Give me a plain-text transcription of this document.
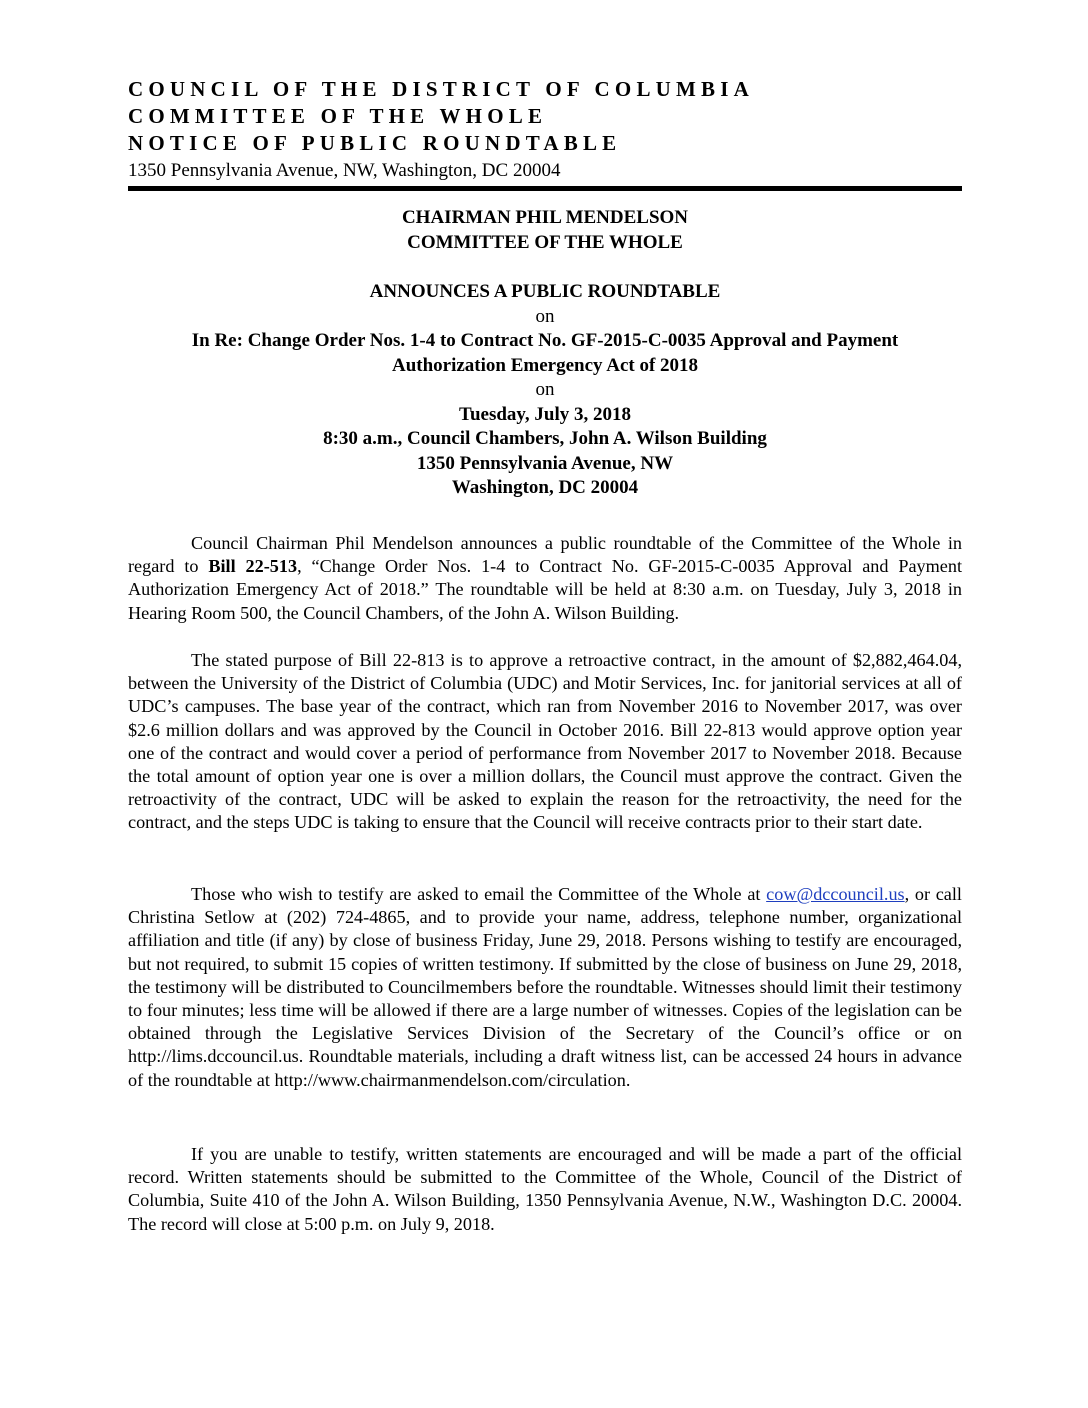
COUNCIL OF THE DISTRICT OF COLUMBIA
COMMITTEE OF THE WHOLE
NOTICE OF PUBLIC ROUNDTABLE
1350 Pennsylvania Avenue, NW, Washington, DC 20004
CHAIRMAN PHIL MENDELSON
COMMITTEE OF THE WHOLE
ANNOUNCES A PUBLIC ROUNDTABLE
on
In Re: Change Order Nos. 1-4 to Contract No. GF-2015-C-0035 Approval and Payment
Authorization Emergency Act of 2018
on
Tuesday, July 3, 2018
8:30 a.m., Council Chambers, John A. Wilson Building
1350 Pennsylvania Avenue, NW
Washington, DC 20004

Council Chairman Phil Mendelson announces a public roundtable of the Committee of the Whole in regard to Bill 22-513, “Change Order Nos. 1-4 to Contract No. GF-2015-C-0035 Approval and Payment Authorization Emergency Act of 2018.” The roundtable will be held at 8:30 a.m. on Tuesday, July 3, 2018 in Hearing Room 500, the Council Chambers, of the John A. Wilson Building.

The stated purpose of Bill 22-813 is to approve a retroactive contract, in the amount of $2,882,464.04, between the University of the District of Columbia (UDC) and Motir Services, Inc. for janitorial services at all of UDC’s campuses. The base year of the contract, which ran from November 2016 to November 2017, was over $2.6 million dollars and was approved by the Council in October 2016. Bill 22-813 would approve option year one of the contract and would cover a period of performance from November 2017 to November 2018. Because the total amount of option year one is over a million dollars, the Council must approve the contract. Given the retroactivity of the contract, UDC will be asked to explain the reason for the retroactivity, the need for the contract, and the steps UDC is taking to ensure that the Council will receive contracts prior to their start date.

Those who wish to testify are asked to email the Committee of the Whole at cow@dccouncil.us, or call Christina Setlow at (202) 724-4865, and to provide your name, address, telephone number, organizational affiliation and title (if any) by close of business Friday, June 29, 2018. Persons wishing to testify are encouraged, but not required, to submit 15 copies of written testimony. If submitted by the close of business on June 29, 2018, the testimony will be distributed to Councilmembers before the roundtable. Witnesses should limit their testimony to four minutes; less time will be allowed if there are a large number of witnesses. Copies of the legislation can be obtained through the Legislative Services Division of the Secretary of the Council’s office or on http://lims.dccouncil.us. Roundtable materials, including a draft witness list, can be accessed 24 hours in advance of the roundtable at http://www.chairmanmendelson.com/circulation.

If you are unable to testify, written statements are encouraged and will be made a part of the official record. Written statements should be submitted to the Committee of the Whole, Council of the District of Columbia, Suite 410 of the John A. Wilson Building, 1350 Pennsylvania Avenue, N.W., Washington D.C. 20004. The record will close at 5:00 p.m. on July 9, 2018.
